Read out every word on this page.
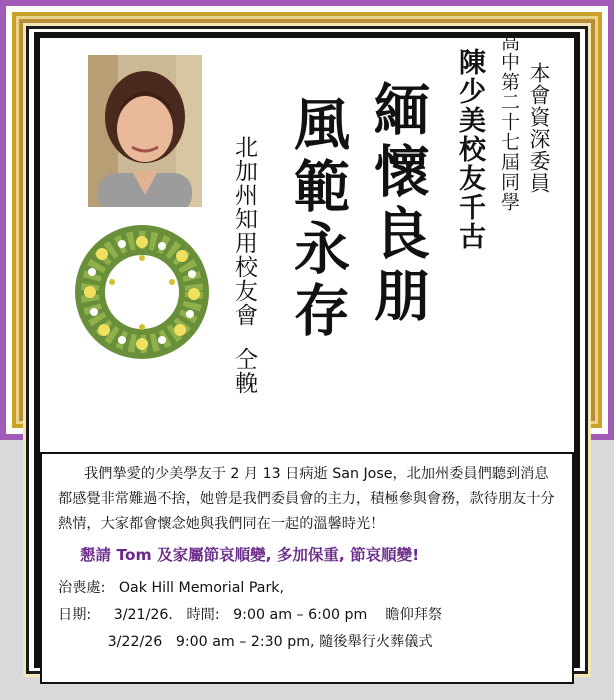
本會資深委員
高中第二十七屆同學
陳少美校友千古
緬懷良朋
風範永存
北加州知用校友會
仝輓

我們摯愛的少美學友于 2 月 13 日病逝 San Jose，北加州委員們聽到消息都感覺非常難過不捨，她曾是我們委員會的主力，積極參與會務，款待朋友十分熱情，大家都會懷念她與我們同在一起的溫馨時光！

懇請 Tom 及家屬節哀順變, 多加保重, 節哀順變!
治喪處: Oak Hill Memorial Park,
日期: 3/21/26. 時間: 9:00 am – 6:00 pm 瞻仰拜祭
3/22/26 9:00 am – 2:30 pm, 隨後舉行火葬儀式
